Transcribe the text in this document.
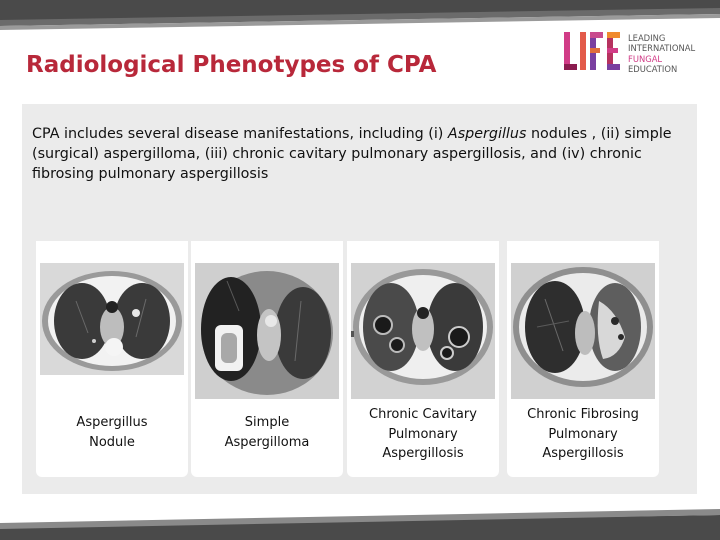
Radiological Phenotypes of CPA
LEADING
INTERNATIONAL
FUNGAL
EDUCATION
CPA includes several disease manifestations, including (i) Aspergillus nodules , (ii) simple (surgical) aspergilloma, (iii) chronic cavitary pulmonary aspergillosis, and (iv) chronic fibrosing pulmonary aspergillosis
Aspergillus
Nodule
Simple
Aspergilloma
Chronic Cavitary
Pulmonary
Aspergillosis
Chronic Fibrosing
Pulmonary
Aspergillosis
